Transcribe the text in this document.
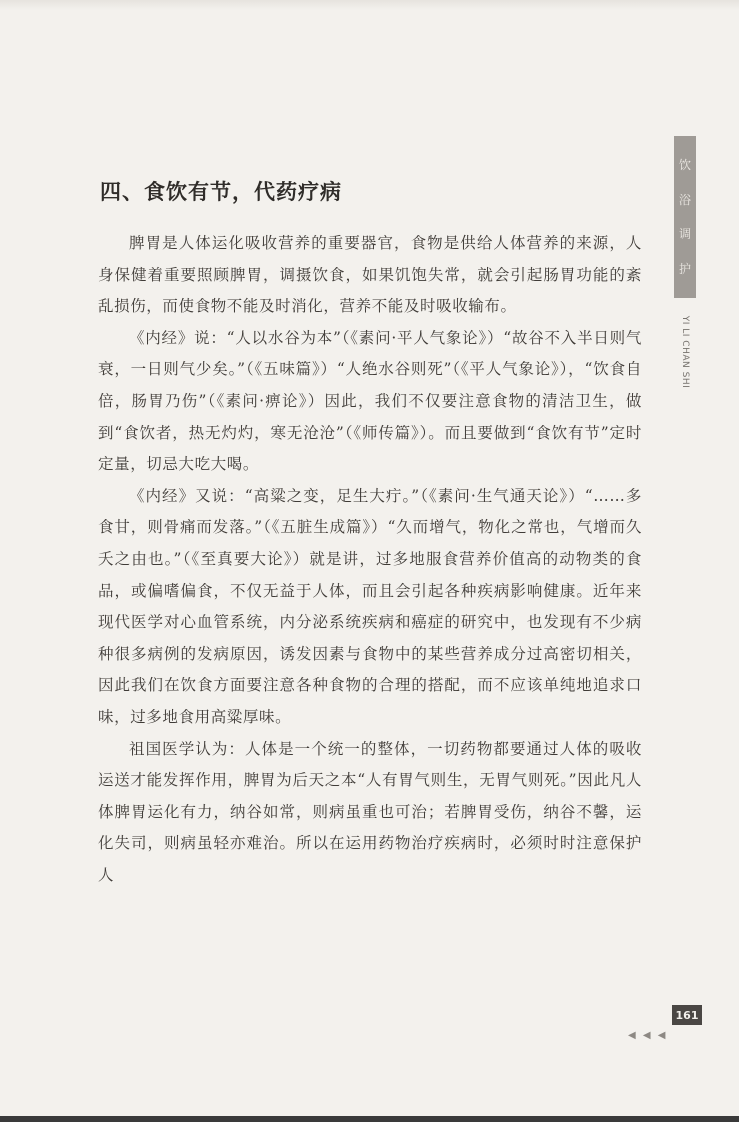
四、食饮有节，代药疗病

脾胃是人体运化吸收营养的重要器官，食物是供给人体营养的来源，人身保健着重要照顾脾胃，调摄饮食，如果饥饱失常，就会引起肠胃功能的紊乱损伤，而使食物不能及时消化，营养不能及时吸收输布。

《内经》说：“人以水谷为本”（《素问·平人气象论》）“故谷不入半日则气衰，一日则气少矣。”（《五味篇》）“人绝水谷则死”（《平人气象论》），“饮食自倍，肠胃乃伤”（《素问·痹论》）因此，我们不仅要注意食物的清洁卫生，做到“食饮者，热无灼灼，寒无沧沧”（《师传篇》）。而且要做到“食饮有节”定时定量，切忌大吃大喝。

《内经》又说：“高粱之变，足生大疔。”（《素问·生气通天论》）“……多食甘，则骨痛而发落。”（《五脏生成篇》）“久而增气，物化之常也，气增而久夭之由也。”（《至真要大论》）就是讲，过多地服食营养价值高的动物类的食品，或偏嗜偏食，不仅无益于人体，而且会引起各种疾病影响健康。近年来现代医学对心血管系统，内分泌系统疾病和癌症的研究中，也发现有不少病种很多病例的发病原因，诱发因素与食物中的某些营养成分过高密切相关，因此我们在饮食方面要注意各种食物的合理的搭配，而不应该单纯地追求口味，过多地食用高粱厚味。

祖国医学认为：人体是一个统一的整体，一切药物都要通过人体的吸收运送才能发挥作用，脾胃为后天之本“人有胃气则生，无胃气则死。”因此凡人体脾胃运化有力，纳谷如常，则病虽重也可治；若脾胃受伤，纳谷不馨，运化失司，则病虽轻亦难治。所以在运用药物治疗疾病时，必须时时注意保护人

饮
浴
调
护
YI LI CHAN SHI
161
◀ ◀ ◀
